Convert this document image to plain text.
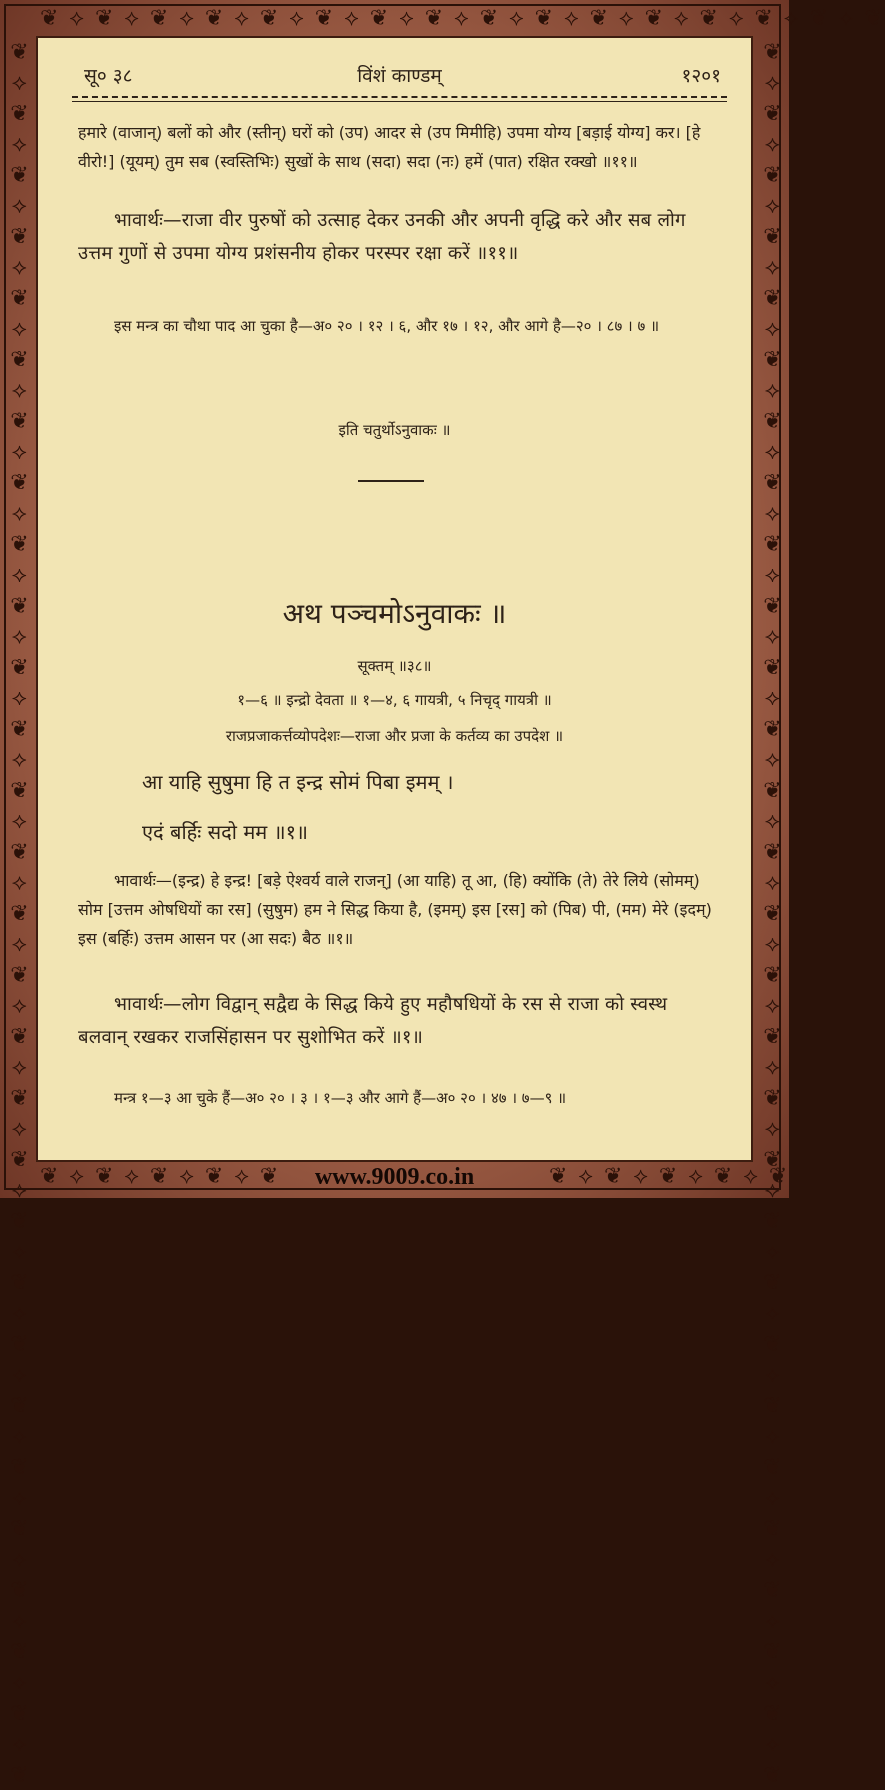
❦ ⟡ ❦ ⟡ ❦ ⟡ ❦ ⟡ ❦ ⟡ ❦ ⟡ ❦ ⟡ ❦ ⟡ ❦ ⟡ ❦ ⟡ ❦ ⟡ ❦ ⟡ ❦ ⟡ ❦ ⟡ ❦ ⟡ ❦
❦ ⟡ ❦ ⟡ ❦ ⟡ ❦ ⟡ ❦ ⟡ ❦ ⟡ ❦ ⟡ ❦ ⟡ ❦ ⟡ ❦ ⟡ ❦ ⟡ ❦ ⟡ ❦ ⟡ ❦ ⟡ ❦ ⟡ ❦ ⟡ ❦ ⟡ ❦ ⟡ ❦ ⟡ ❦ ⟡ ❦ ⟡ ❦ ⟡ ❦ ⟡ ❦ ⟡ ❦ ⟡ ❦ ⟡ ❦ ⟡ ❦ ⟡ ❦	❦ ⟡ ❦ ⟡ ❦ ⟡ ❦ ⟡ ❦ ⟡ ❦ ⟡ ❦ ⟡ ❦ ⟡ ❦ ⟡ ❦ ⟡ ❦ ⟡ ❦ ⟡ ❦ ⟡ ❦ ⟡ ❦ ⟡ ❦ ⟡ ❦ ⟡ ❦ ⟡ ❦ ⟡ ❦ ⟡ ❦ ⟡ ❦ ⟡ ❦ ⟡ ❦ ⟡ ❦ ⟡ ❦ ⟡ ❦ ⟡ ❦ ⟡ ❦
❦ ⟡ ❦ ⟡ ❦ ⟡ ❦ ⟡ ❦	❦ ⟡ ❦ ⟡ ❦ ⟡ ❦ ⟡ ❦
सू० ३८	विंशं काण्डम्	१२०१
हमारे (वाजान्) बलों को और (स्तीन्) घरों को (उप) आदर से (उप मिमीहि) उपमा योग्य [बड़ाई योग्य] कर। [हे वीरो!] (यूयम्) तुम सब (स्वस्तिभिः) सुखों के साथ (सदा) सदा (नः) हमें (पात) रक्षित रक्खो ॥११॥
भावार्थः—राजा वीर पुरुषों को उत्साह देकर उनकी और अपनी वृद्धि करे और सब लोग उत्तम गुणों से उपमा योग्य प्रशंसनीय होकर परस्पर रक्षा करें ॥११॥
इस मन्त्र का चौथा पाद आ चुका है—अ० २० । १२ । ६, और १७ । १२, और आगे है—२० । ८७ । ७ ॥
इति चतुर्थोऽनुवाकः ॥
अथ पञ्चमोऽनुवाकः ॥
सूक्तम् ॥३८॥
१—६ ॥ इन्द्रो देवता ॥ १—४, ६ गायत्री, ५ निचृद् गायत्री ॥
राजप्रजाकर्त्तव्योपदेशः—राजा और प्रजा के कर्तव्य का उपदेश ॥
आ याहि सुषुमा हि त इन्द्र सोमं पिबा इमम् ।
एदं बर्हिः सदो मम ॥१॥
भावार्थः—(इन्द्र) हे इन्द्र! [बड़े ऐश्वर्य वाले राजन्] (आ याहि) तू आ, (हि) क्योंकि (ते) तेरे लिये (सोमम्) सोम [उत्तम ओषधियों का रस] (सुषुम) हम ने सिद्ध किया है, (इमम्) इस [रस] को (पिब) पी, (मम) मेरे (इदम्) इस (बर्हिः) उत्तम आसन पर (आ सदः) बैठ ॥१॥
भावार्थः—लोग विद्वान् सद्वैद्य के सिद्ध किये हुए महौषधियों के रस से राजा को स्वस्थ बलवान् रखकर राजसिंहासन पर सुशोभित करें ॥१॥
मन्त्र १—३ आ चुके हैं—अ० २० । ३ । १—३ और आगे हैं—अ० २० । ४७ । ७—९ ॥
www.9009.co.in
